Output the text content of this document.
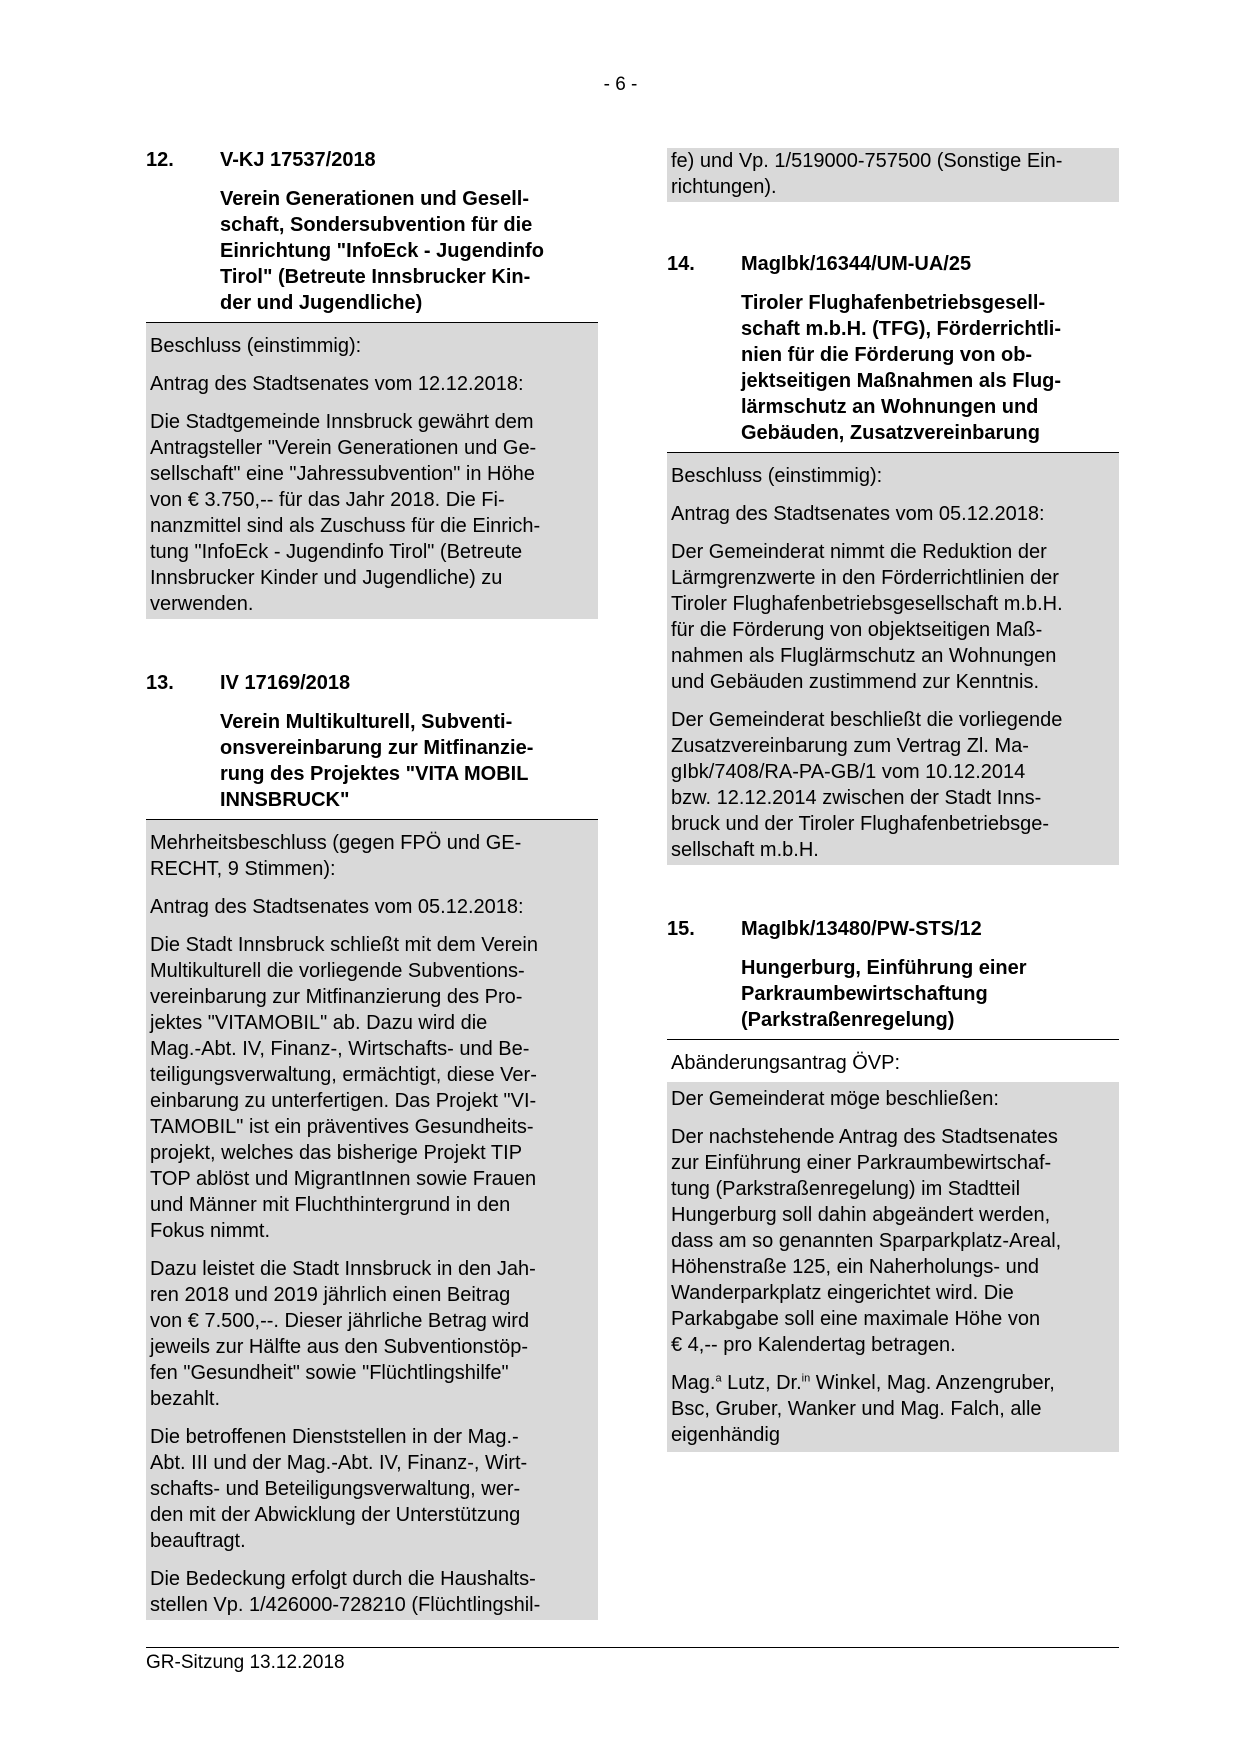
- 6 -
12.	V-KJ 17537/2018
Verein Generationen und Gesell-
schaft, Sondersubvention für die
Einrichtung "InfoEck - Jugendinfo
Tirol" (Betreute Innsbrucker Kin-
der und Jugendliche)
Beschluss (einstimmig):
Antrag des Stadtsenates vom 12.12.2018:
Die Stadtgemeinde Innsbruck gewährt dem
Antragsteller "Verein Generationen und Ge-
sellschaft" eine "Jahressubvention" in Höhe
von € 3.750,-- für das Jahr 2018. Die Fi-
nanzmittel sind als Zuschuss für die Einrich-
tung "InfoEck - Jugendinfo Tirol" (Betreute
Innsbrucker Kinder und Jugendliche) zu
verwenden.
13.	IV 17169/2018
Verein Multikulturell, Subventi-
onsvereinbarung zur Mitfinanzie-
rung des Projektes "VITA MOBIL
INNSBRUCK"
Mehrheitsbeschluss (gegen FPÖ und GE-
RECHT, 9 Stimmen):
Antrag des Stadtsenates vom 05.12.2018:
Die Stadt Innsbruck schließt mit dem Verein
Multikulturell die vorliegende Subventions-
vereinbarung zur Mitfinanzierung des Pro-
jektes "VITAMOBIL" ab. Dazu wird die
Mag.-Abt. IV, Finanz-, Wirtschafts- und Be-
teiligungsverwaltung, ermächtigt, diese Ver-
einbarung zu unterfertigen. Das Projekt "VI-
TAMOBIL" ist ein präventives Gesundheits-
projekt, welches das bisherige Projekt TIP
TOP ablöst und MigrantInnen sowie Frauen
und Männer mit Fluchthintergrund in den
Fokus nimmt.
Dazu leistet die Stadt Innsbruck in den Jah-
ren 2018 und 2019 jährlich einen Beitrag
von € 7.500,--. Dieser jährliche Betrag wird
jeweils zur Hälfte aus den Subventionstöp-
fen "Gesundheit" sowie "Flüchtlingshilfe"
bezahlt.
Die betroffenen Dienststellen in der Mag.-
Abt. III und der Mag.-Abt. IV, Finanz-, Wirt-
schafts- und Beteiligungsverwaltung, wer-
den mit der Abwicklung der Unterstützung
beauftragt.
Die Bedeckung erfolgt durch die Haushalts-
stellen Vp. 1/426000-728210 (Flüchtlingshil-
fe) und Vp. 1/519000-757500 (Sonstige Ein-
richtungen).
14.	MagIbk/16344/UM-UA/25
Tiroler Flughafenbetriebsgesell-
schaft m.b.H. (TFG), Förderrichtli-
nien für die Förderung von ob-
jektseitigen Maßnahmen als Flug-
lärmschutz an Wohnungen und
Gebäuden, Zusatzvereinbarung
Beschluss (einstimmig):
Antrag des Stadtsenates vom 05.12.2018:
Der Gemeinderat nimmt die Reduktion der
Lärmgrenzwerte in den Förderrichtlinien der
Tiroler Flughafenbetriebsgesellschaft m.b.H.
für die Förderung von objektseitigen Maß-
nahmen als Fluglärmschutz an Wohnungen
und Gebäuden zustimmend zur Kenntnis.
Der Gemeinderat beschließt die vorliegende
Zusatzvereinbarung zum Vertrag Zl. Ma-
gIbk/7408/RA-PA-GB/1 vom 10.12.2014
bzw. 12.12.2014 zwischen der Stadt Inns-
bruck und der Tiroler Flughafenbetriebsge-
sellschaft m.b.H.
15.	MagIbk/13480/PW-STS/12
Hungerburg, Einführung einer
Parkraumbewirtschaftung
(Parkstraßenregelung)
Abänderungsantrag ÖVP:
Der Gemeinderat möge beschließen:
Der nachstehende Antrag des Stadtsenates
zur Einführung einer Parkraumbewirtschaf-
tung (Parkstraßenregelung) im Stadtteil
Hungerburg soll dahin abgeändert werden,
dass am so genannten Sparparkplatz-Areal,
Höhenstraße 125, ein Naherholungs- und
Wanderparkplatz eingerichtet wird. Die
Parkabgabe soll eine maximale Höhe von
€ 4,-- pro Kalendertag betragen.
Mag.$^a$ Lutz, Dr.$^{in}$ Winkel, Mag. Anzengruber,
Bsc, Gruber, Wanker und Mag. Falch, alle
eigenhändig
GR-Sitzung 13.12.2018
